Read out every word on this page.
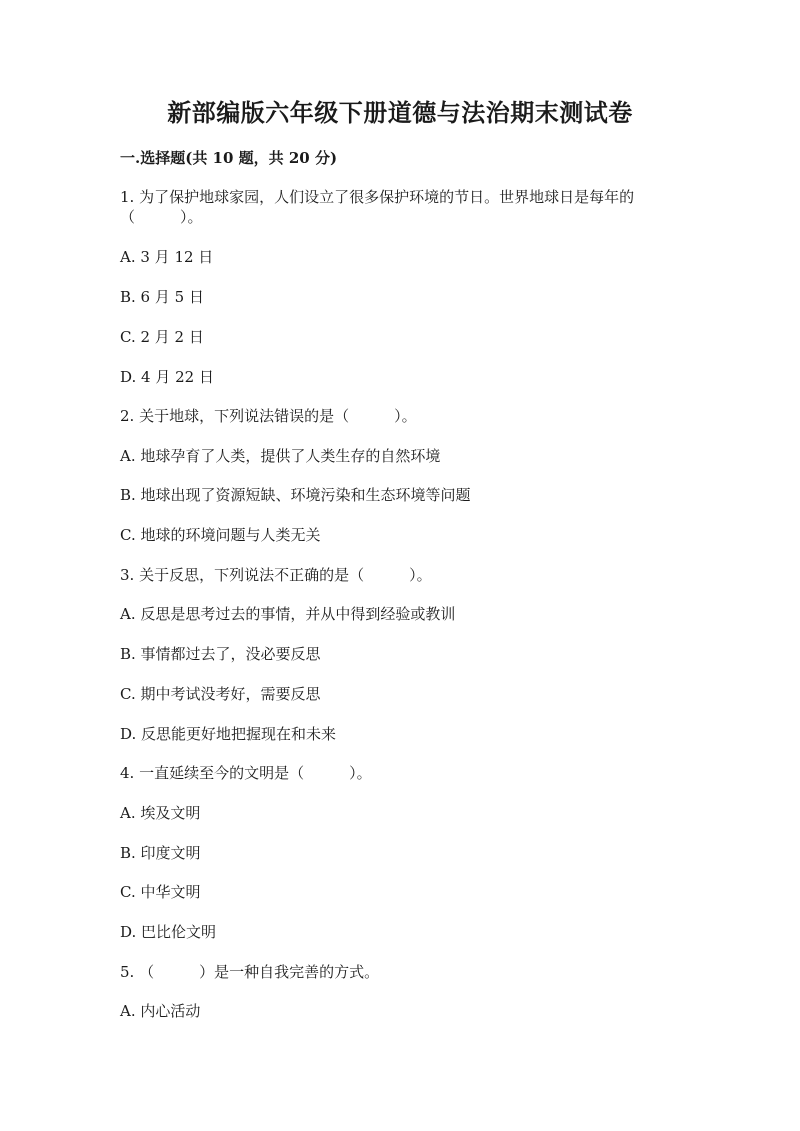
新部编版六年级下册道德与法治期末测试卷
一.选择题(共 10 题，共 20 分)
1. 为了保护地球家园，人们设立了很多保护环境的节日。世界地球日是每年的
（　　　）。
A. 3 月 12 日
B. 6 月 5 日
C. 2 月 2 日
D. 4 月 22 日
2. 关于地球，下列说法错误的是（　　　）。
A. 地球孕育了人类，提供了人类生存的自然环境
B. 地球出现了资源短缺、环境污染和生态环境等问题
C. 地球的环境问题与人类无关
3. 关于反思，下列说法不正确的是（　　　）。
A. 反思是思考过去的事情，并从中得到经验或教训
B. 事情都过去了，没必要反思
C. 期中考试没考好，需要反思
D. 反思能更好地把握现在和未来
4. 一直延续至今的文明是（　　　）。
A. 埃及文明
B. 印度文明
C. 中华文明
D. 巴比伦文明
5. （　　　）是一种自我完善的方式。
A. 内心活动
